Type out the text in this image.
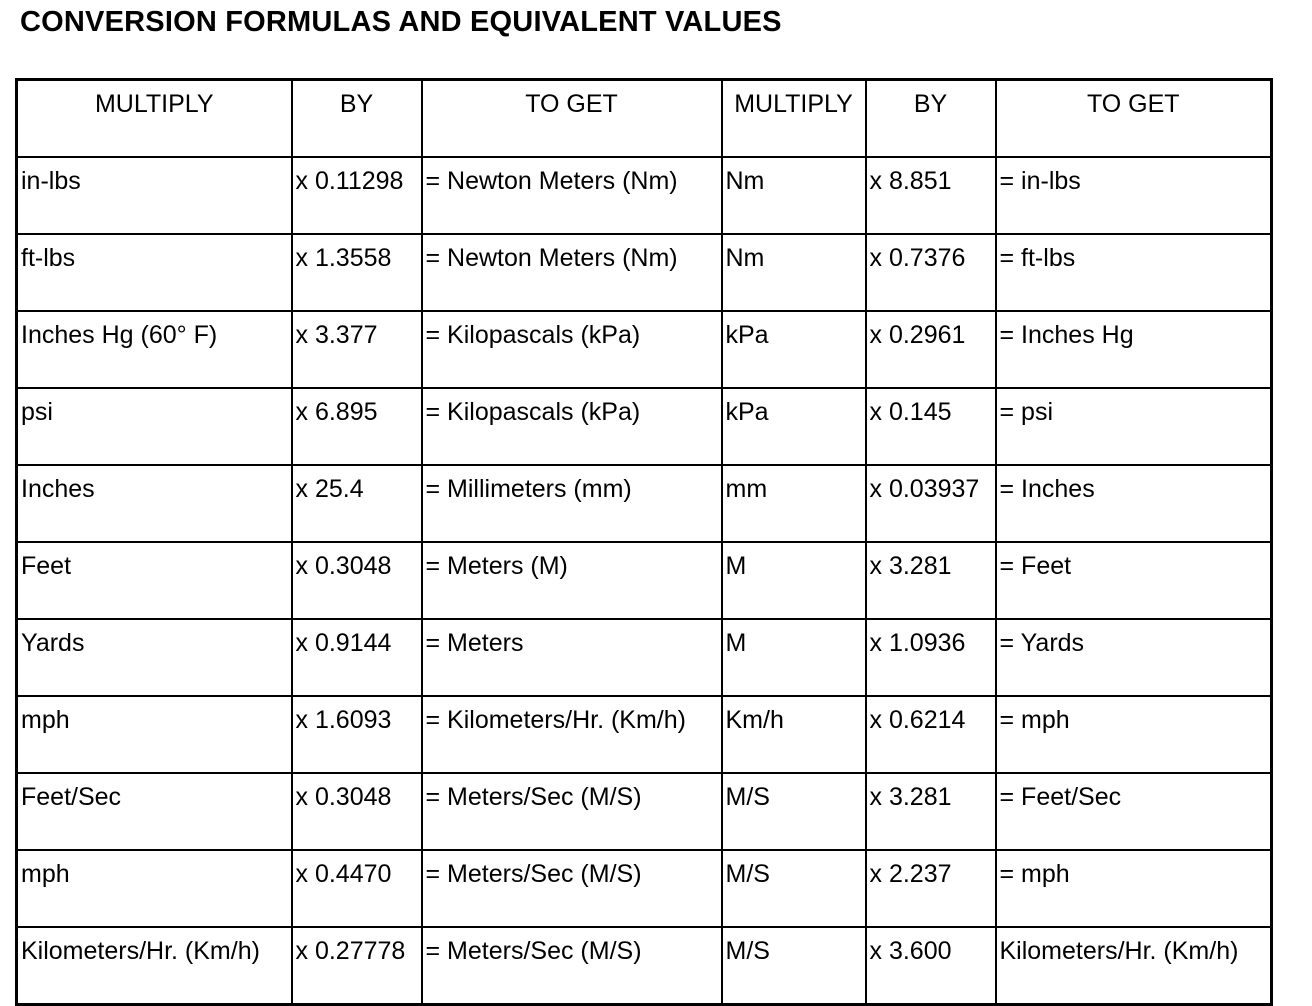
CONVERSION FORMULAS AND EQUIVALENT VALUES
MULTIPLY	BY	TO GET	MULTIPLY	BY	TO GET
in-lbs	x 0.11298	= Newton Meters (Nm)	Nm	x 8.851	= in-lbs
ft-lbs	x 1.3558	= Newton Meters (Nm)	Nm	x 0.7376	= ft-lbs
Inches Hg (60° F)	x 3.377	= Kilopascals (kPa)	kPa	x 0.2961	= Inches Hg
psi	x 6.895	= Kilopascals (kPa)	kPa	x 0.145	= psi
Inches	x 25.4	= Millimeters (mm)	mm	x 0.03937	= Inches
Feet	x 0.3048	= Meters (M)	M	x 3.281	= Feet
Yards	x 0.9144	= Meters	M	x 1.0936	= Yards
mph	x 1.6093	= Kilometers/Hr. (Km/h)	Km/h	x 0.6214	= mph
Feet/Sec	x 0.3048	= Meters/Sec (M/S)	M/S	x 3.281	= Feet/Sec
mph	x 0.4470	= Meters/Sec (M/S)	M/S	x 2.237	= mph
Kilometers/Hr. (Km/h)	x 0.27778	= Meters/Sec (M/S)	M/S	x 3.600	Kilometers/Hr. (Km/h)
